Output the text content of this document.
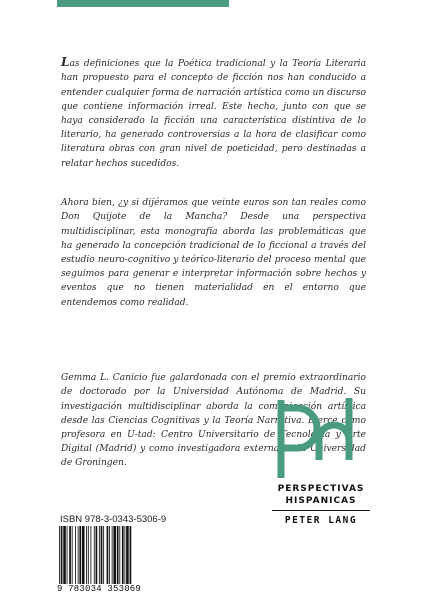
Las definiciones que la Poética tradicional y la Teoría Literaria han propuesto para el concepto de ficción nos han conducido a entender cualquier forma de narración artística como un discurso que contiene información irreal. Este hecho, junto con que se haya considerado la ficción una característica distintiva de lo literario, ha generado controversias a la hora de clasificar como literatura obras con gran nivel de poeticidad, pero destinadas a relatar hechos sucedidos.

Ahora bien, ¿y si dijéramos que veinte euros son tan reales como Don Quijote de la Mancha? Desde una perspectiva multidisciplinar, esta monografía aborda las problemáticas que ha generado la concepción tradicional de lo ficcional a través del estudio neuro-cognitivo y teórico-literario del proceso mental que seguimos para generar e interpretar información sobre hechos y eventos que no tienen materialidad en el entorno que entendemos como realidad.

Gemma L. Canicio fue galardonada con el premio extraordinario de doctorado por la Universidad Autónoma de Madrid. Su investigación multidisciplinar aborda la comunicación artística desde las Ciencias Cognitivas y la Teoría Narrativa. Ejerce como profesora en U-tad: Centro Universitario de Tecnología y Arte Digital (Madrid) y como investigadora externa en la Universidad de Groningen.

PERSPECTIVAS
HISPANICAS
PETER LANG
ISBN 978-3-0343-5306-9
9 783034 353069
